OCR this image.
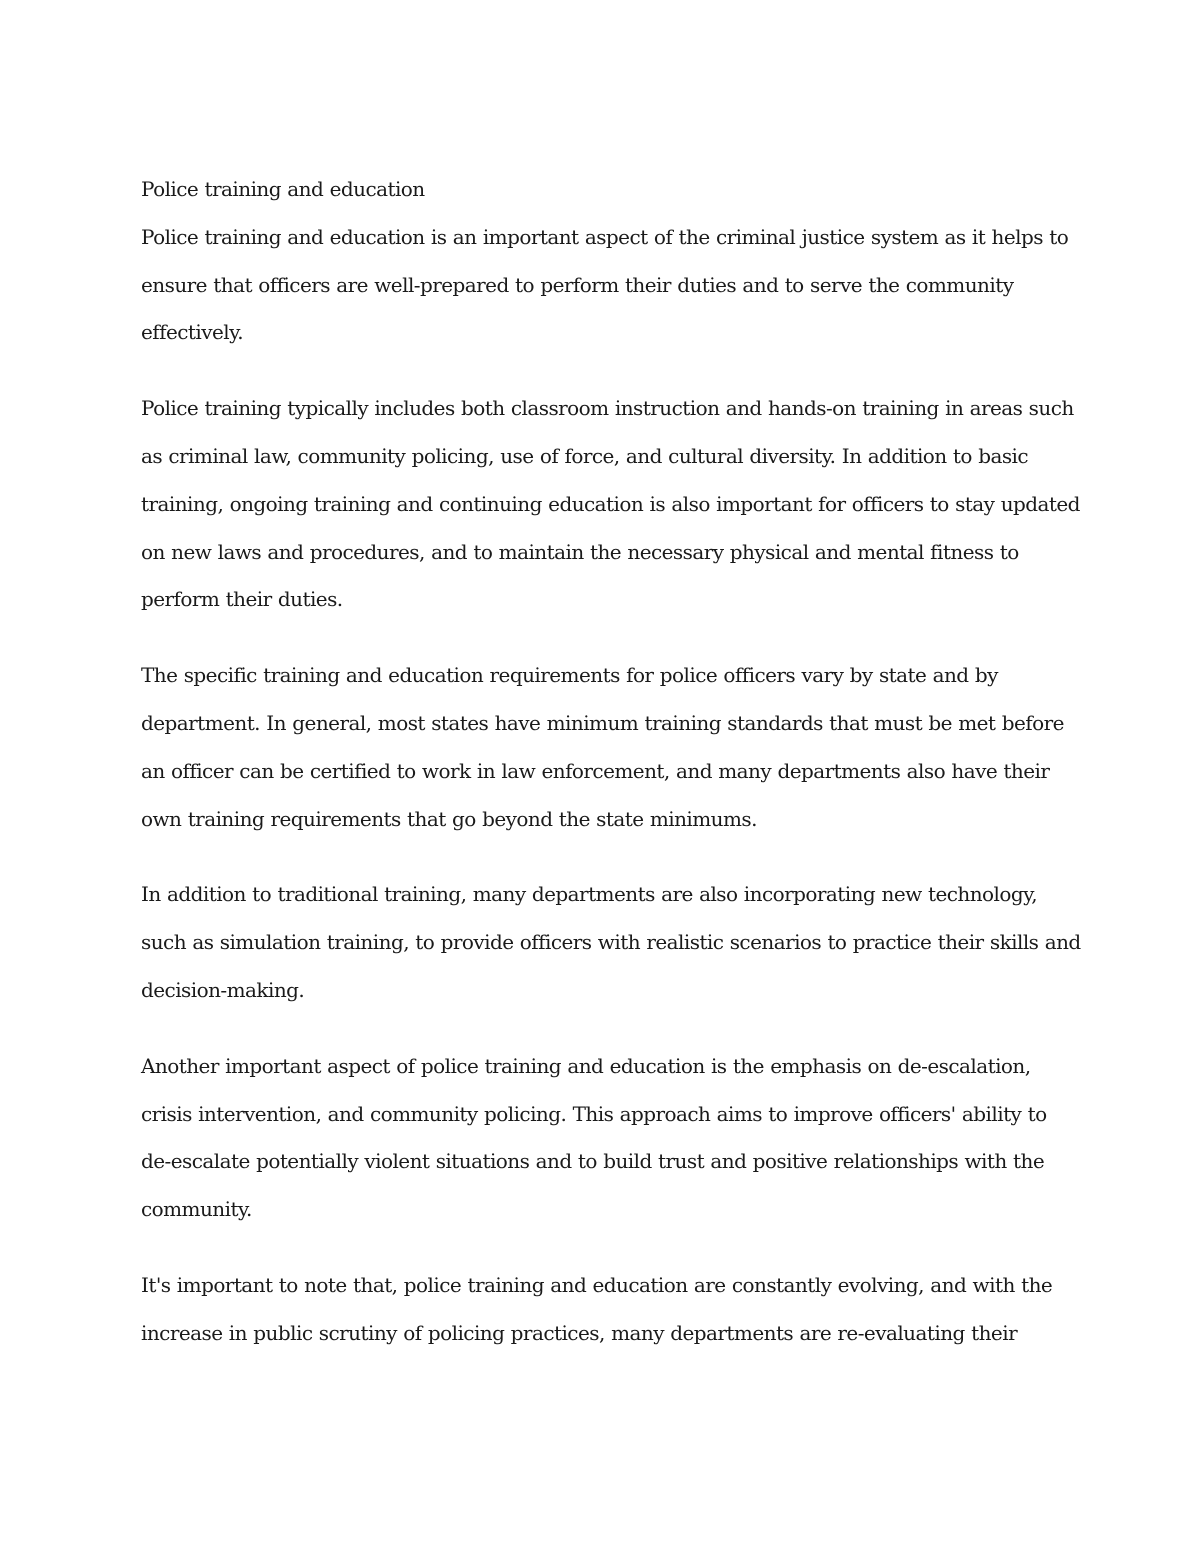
Police training and education

Police training and education is an important aspect of the criminal justice system as it helps to ensure that officers are well-prepared to perform their duties and to serve the community effectively.

Police training typically includes both classroom instruction and hands-on training in areas such as criminal law, community policing, use of force, and cultural diversity. In addition to basic training, ongoing training and continuing education is also important for officers to stay updated on new laws and procedures, and to maintain the necessary physical and mental fitness to perform their duties.

The specific training and education requirements for police officers vary by state and by department. In general, most states have minimum training standards that must be met before an officer can be certified to work in law enforcement, and many departments also have their own training requirements that go beyond the state minimums.

In addition to traditional training, many departments are also incorporating new technology, such as simulation training, to provide officers with realistic scenarios to practice their skills and decision-making.

Another important aspect of police training and education is the emphasis on de-escalation, crisis intervention, and community policing. This approach aims to improve officers' ability to de-escalate potentially violent situations and to build trust and positive relationships with the community.

It's important to note that, police training and education are constantly evolving, and with the increase in public scrutiny of policing practices, many departments are re-evaluating their
